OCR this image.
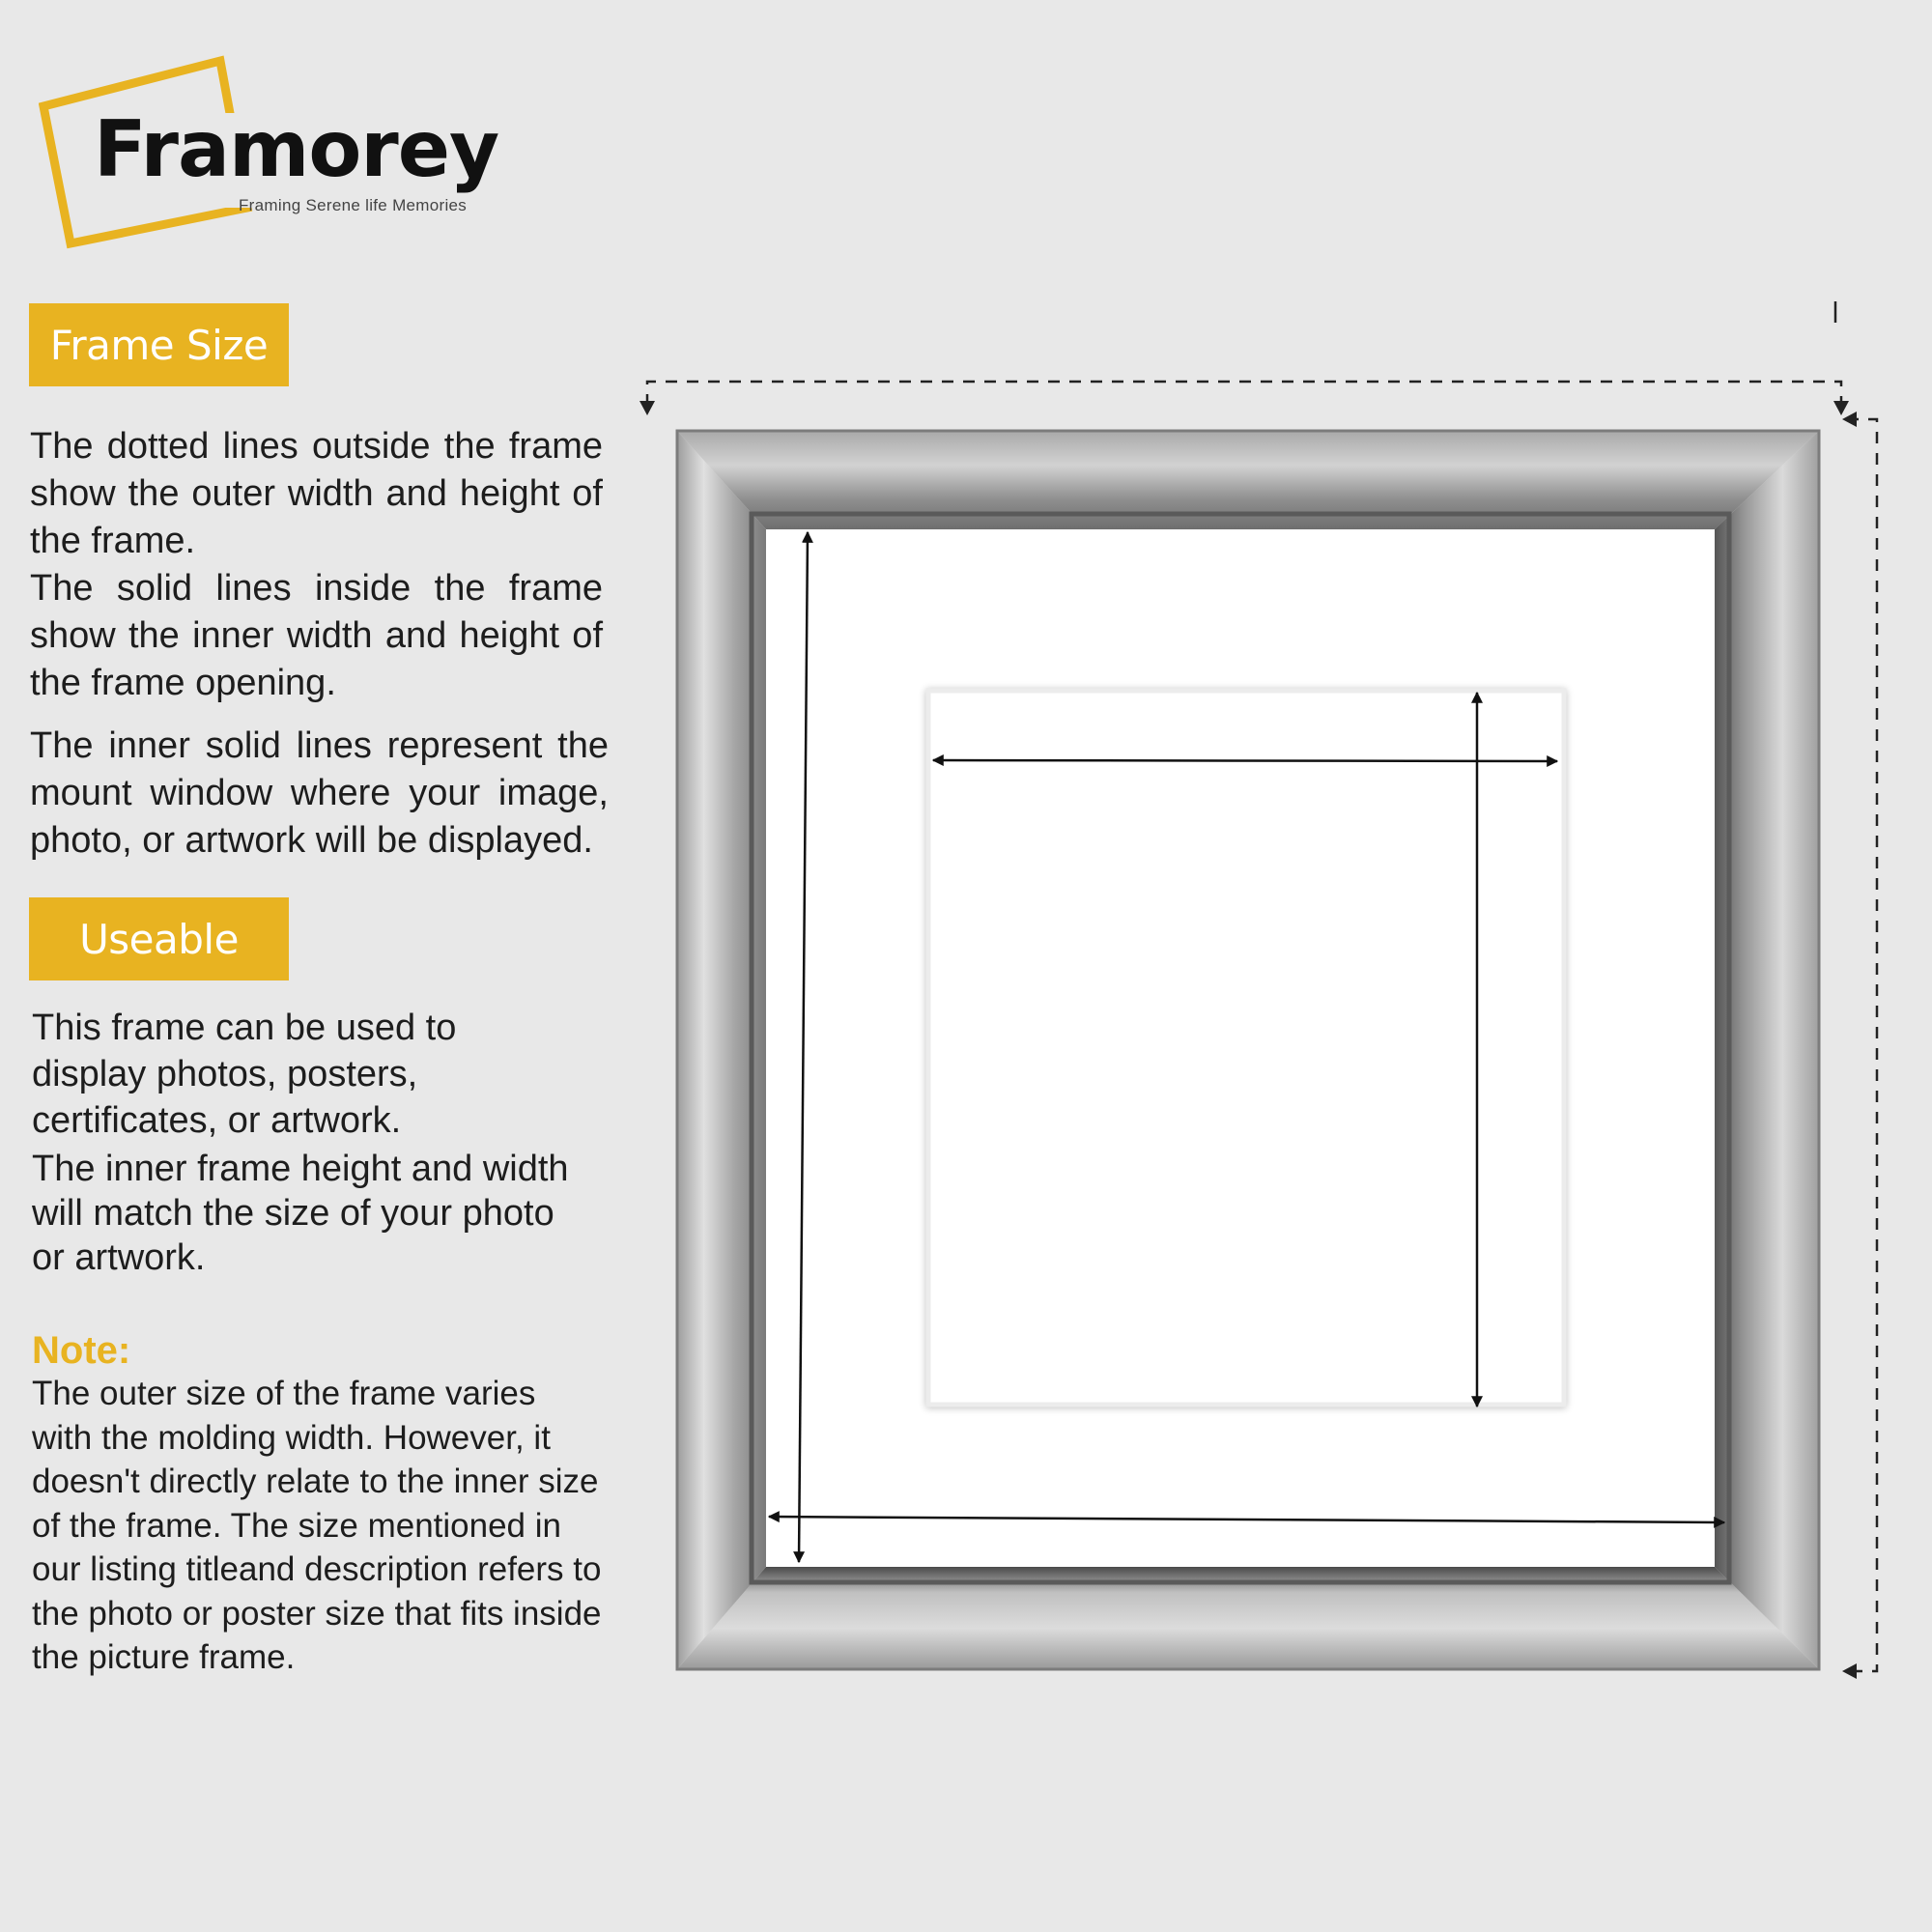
Framorey
Framing Serene life Memories
Frame Size

The dotted lines outside the frame show the outer width and height of the frame.

The solid lines inside the frame show the inner width and height of the frame opening.

The inner solid lines represent the mount window where your image, photo, or artwork will be displayed.

Useable

This frame can be used to display photos, posters, certificates, or artwork.

The inner frame height and width will match the size of your photo or artwork.

Note:

The outer size of the frame varies with the molding width. However, it doesn't directly relate to the inner size of the frame. The size mentioned in our listing titleand description refers to the photo or poster size that fits inside the picture frame.
